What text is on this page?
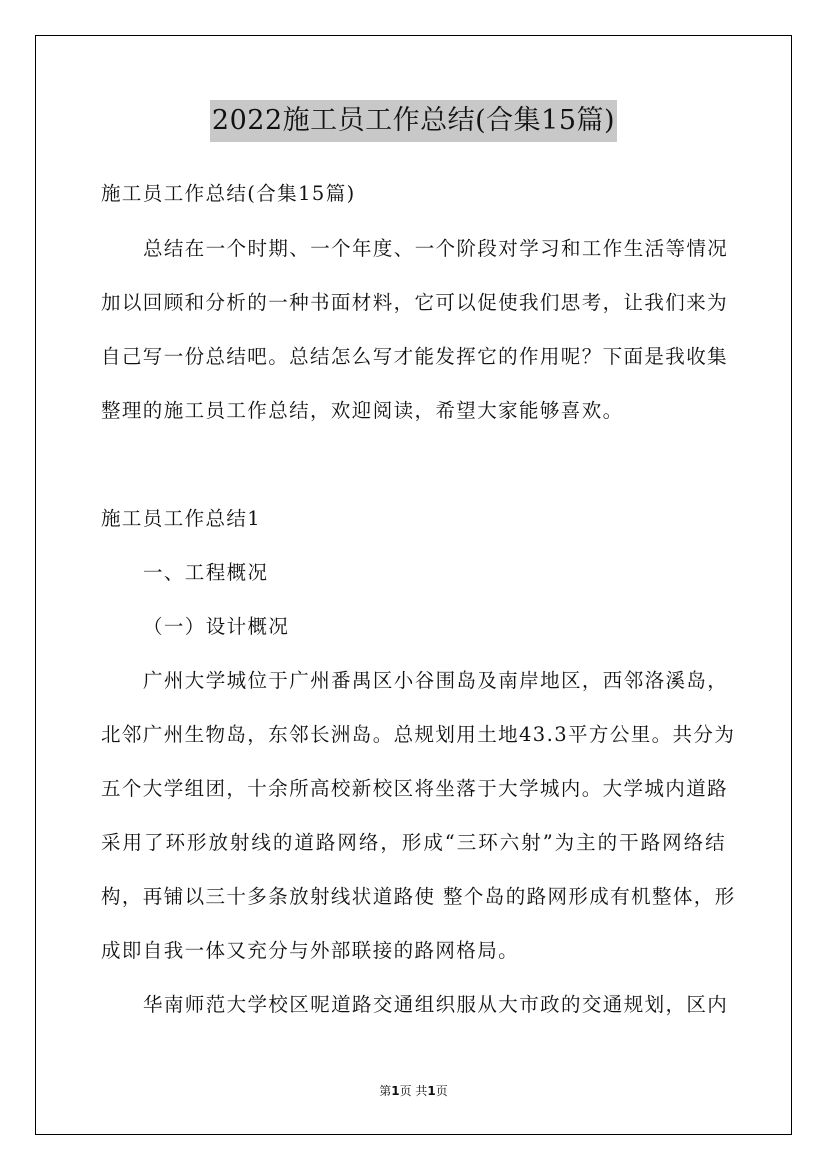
2022施工员工作总结(合集15篇)
施工员工作总结(合集15篇)
总结在一个时期、一个年度、一个阶段对学习和工作生活等情况
加以回顾和分析的一种书面材料，它可以促使我们思考，让我们来为
自己写一份总结吧。总结怎么写才能发挥它的作用呢？下面是我收集
整理的施工员工作总结，欢迎阅读，希望大家能够喜欢。
施工员工作总结1
一、工程概况
（一）设计概况
广州大学城位于广州番禺区小谷围岛及南岸地区，西邻洛溪岛，
北邻广州生物岛，东邻长洲岛。总规划用土地43.3平方公里。共分为
五个大学组团，十余所高校新校区将坐落于大学城内。大学城内道路
采用了环形放射线的道路网络，形成“三环六射”为主的干路网络结
构，再铺以三十多条放射线状道路使 整个岛的路网形成有机整体，形
成即自我一体又充分与外部联接的路网格局。
华南师范大学校区呢道路交通组织服从大市政的交通规划，区内
第1页 共1页
